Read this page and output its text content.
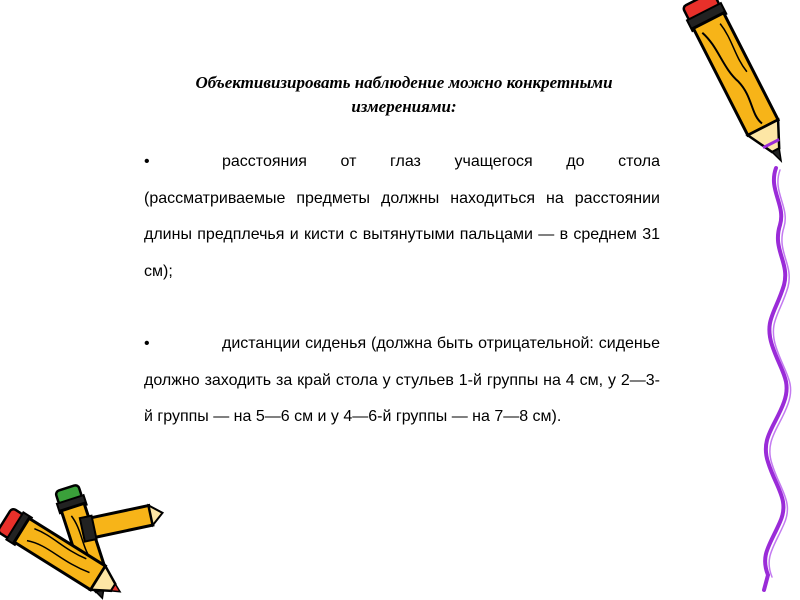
Объективизировать наблюдение можно конкретными измерениями:
•	расстояния от глаз учащегося до стола (рассматриваемые предметы должны находиться на расстоянии длины предплечья и кисти с вытянутыми пальцами — в среднем 31 см);
•	дистанции сиденья (должна быть отрицательной: сиденье должно заходить за край стола у стульев 1-й группы на 4 см, у 2—3-й группы — на 5—6 см и у 4—6-й группы — на 7—8 см).
